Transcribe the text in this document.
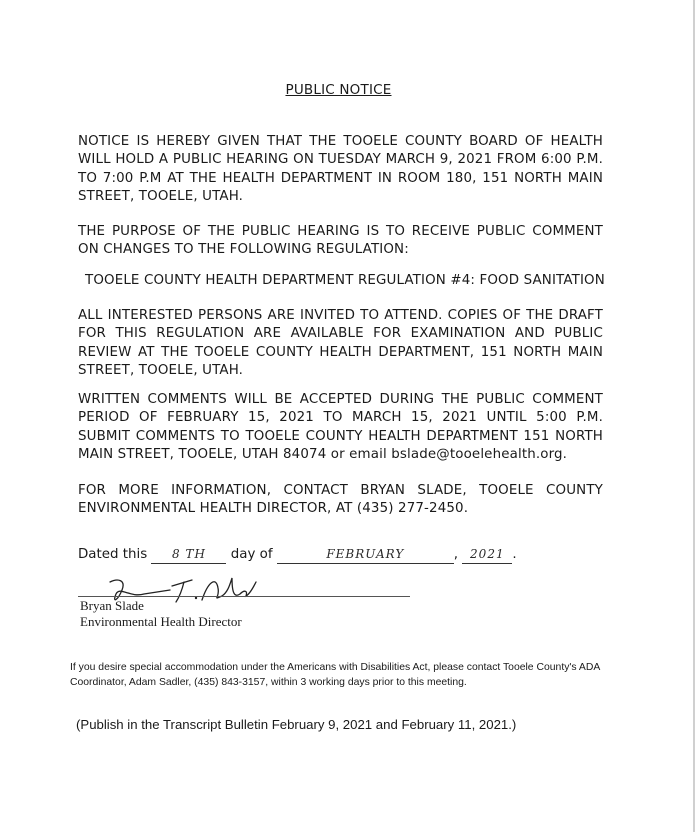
PUBLIC NOTICE
NOTICE IS HEREBY GIVEN THAT THE TOOELE COUNTY BOARD OF HEALTH WILL HOLD A PUBLIC HEARING ON TUESDAY MARCH 9, 2021 FROM 6:00 P.M. TO 7:00 P.M AT THE HEALTH DEPARTMENT IN ROOM 180, 151 NORTH MAIN STREET, TOOELE, UTAH.
THE PURPOSE OF THE PUBLIC HEARING IS TO RECEIVE PUBLIC COMMENT ON CHANGES TO THE FOLLOWING REGULATION:
TOOELE COUNTY HEALTH DEPARTMENT REGULATION #4: FOOD SANITATION
ALL INTERESTED PERSONS ARE INVITED TO ATTEND. COPIES OF THE DRAFT FOR THIS REGULATION ARE AVAILABLE FOR EXAMINATION AND PUBLIC REVIEW AT THE TOOELE COUNTY HEALTH DEPARTMENT, 151 NORTH MAIN STREET, TOOELE, UTAH.
WRITTEN COMMENTS WILL BE ACCEPTED DURING THE PUBLIC COMMENT PERIOD OF FEBRUARY 15, 2021 TO MARCH 15, 2021 UNTIL 5:00 P.M. SUBMIT COMMENTS TO TOOELE COUNTY HEALTH DEPARTMENT 151 NORTH MAIN STREET, TOOELE, UTAH 84074 or email bslade@tooelehealth.org.
FOR MORE INFORMATION, CONTACT BRYAN SLADE, TOOELE COUNTY ENVIRONMENTAL HEALTH DIRECTOR, AT (435) 277-2450.
Dated this 8 TH day of	FEBRUARY	, 2021 .
Bryan Slade
Environmental Health Director
If you desire special accommodation under the Americans with Disabilities Act, please contact Tooele County's ADA Coordinator, Adam Sadler, (435) 843-3157, within 3 working days prior to this meeting.
(Publish in the Transcript Bulletin February 9, 2021 and February 11, 2021.)
